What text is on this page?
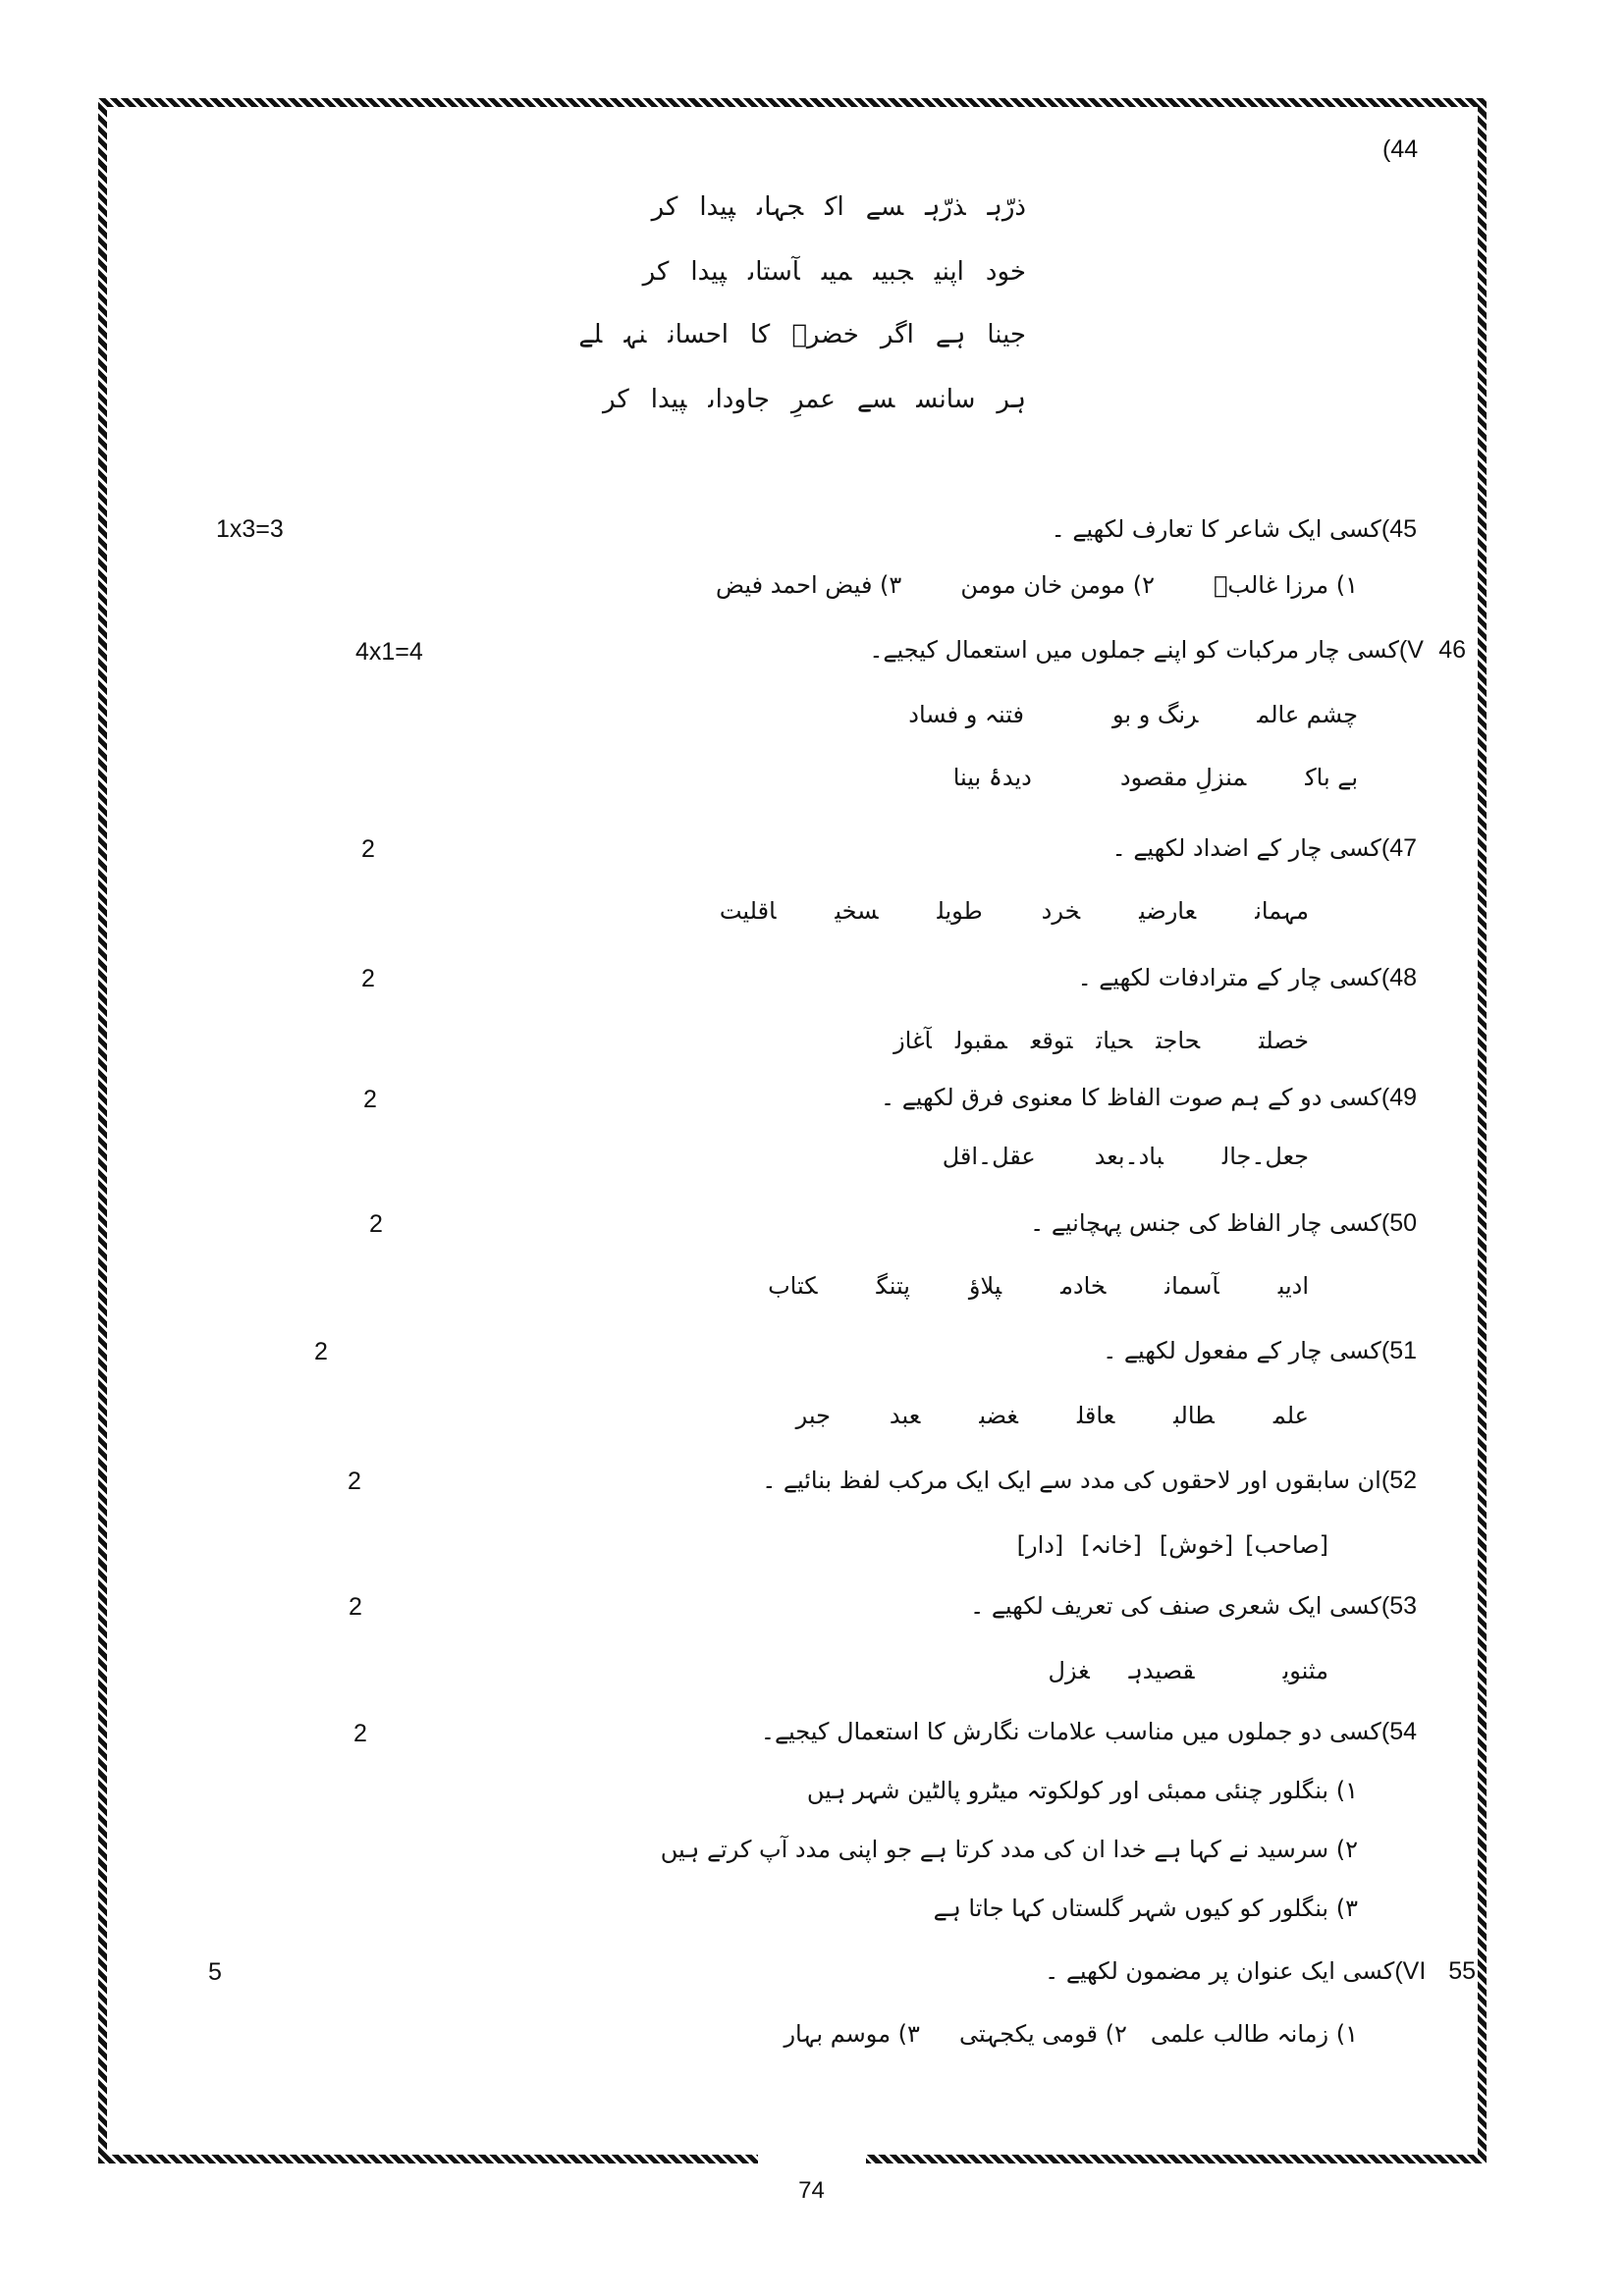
(44
ذرّہذرّہسےاکجہاںپیداکر
خوداپنیجبیںمیںآستاںپیداکر
جیناہےاگرخضرؑکااحساننہلے
ہرسانسسےعمرِجاوداںپیداکر
45)کسی ایک شاعر کا تعارف لکھیے ۔
1x3=3
۱) مرزا غالبؔ۲) مومن خان مومن۳) فیض احمد فیض
V  46)کسی چار مرکبات کو اپنے جملوں میں استعمال کیجیے۔
4x1=4
چشم عالمرنگ و بوفتنہ و فساد
بے باکمنزلِ مقصوددیدۂ بینا
47)کسی چار کے اضداد لکھیے ۔
2
مہمانعارضیخردطویلسخیاقلیت
48)کسی چار کے مترادفات لکھیے ۔
2
خصلتحاجتحیاتتوقعمقبولآغاز
49)کسی دو کے ہم صوت الفاظ کا معنوی فرق لکھیے ۔
2
جعل۔جالباد۔بعدعقل۔اقل
50)کسی چار الفاظ کی جنس پہچانیے ۔
2
ادیبآسمانخادمپلاؤپتنگکتاب
51)کسی چار کے مفعول لکھیے ۔
2
علمطالبعاقلغضبعبدجبر
52)ان سابقوں اور لاحقوں کی مدد سے ایک ایک مرکب لفظ بنائیے ۔
2
[صاحب][خوش][خانہ][دار]
53)کسی ایک شعری صنف کی تعریف لکھیے ۔
2
مثنویقصیدہغزل
54)کسی دو جملوں میں مناسب علامات نگارش کا استعمال کیجیے۔
2
۱) بنگلور چنئی ممبئی اور کولکوتہ میٹرو پالٹین شہر ہیں
۲) سرسید نے کہا ہے خدا ان کی مدد کرتا ہے جو اپنی مدد آپ کرتے ہیں
۳) بنگلور کو کیوں شہر گلستاں کہا جاتا ہے
VI   55)کسی ایک عنوان پر مضمون لکھیے ۔
5
۱) زمانہ طالب علمی۲) قومی یکجہتی۳) موسم بہار
74
